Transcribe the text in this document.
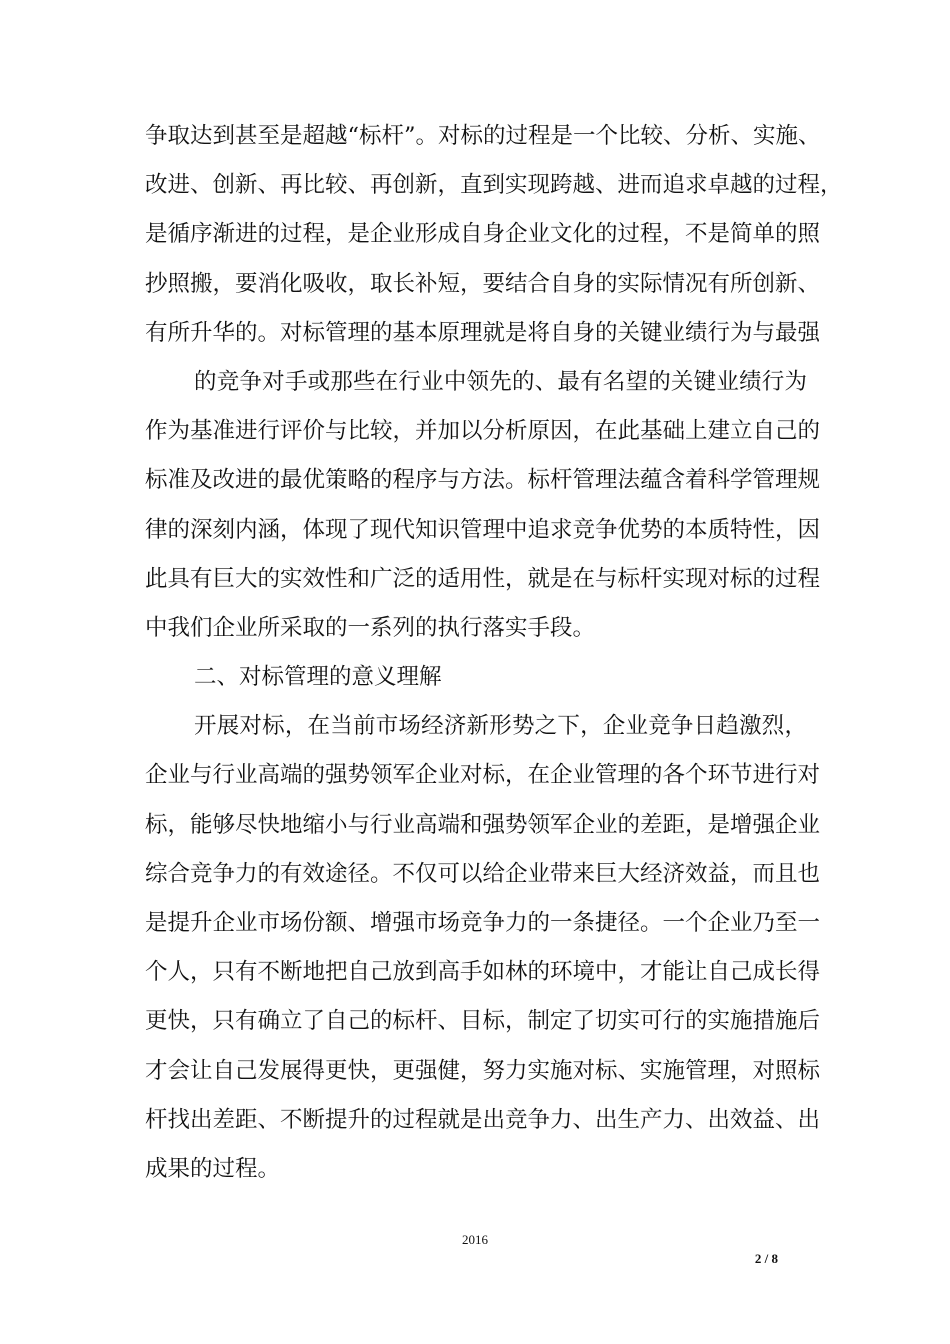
争取达到甚至是超越“标杆”。对标的过程是一个比较、分析、实施、
改进、创新、再比较、再创新，直到实现跨越、进而追求卓越的过程，
是循序渐进的过程，是企业形成自身企业文化的过程，不是简单的照
抄照搬，要消化吸收，取长补短，要结合自身的实际情况有所创新、
有所升华的。对标管理的基本原理就是将自身的关键业绩行为与最强
的竞争对手或那些在行业中领先的、最有名望的关键业绩行为
作为基准进行评价与比较，并加以分析原因，在此基础上建立自己的
标准及改进的最优策略的程序与方法。标杆管理法蕴含着科学管理规
律的深刻内涵，体现了现代知识管理中追求竞争优势的本质特性，因
此具有巨大的实效性和广泛的适用性，就是在与标杆实现对标的过程
中我们企业所采取的一系列的执行落实手段。
二、对标管理的意义理解
开展对标，在当前市场经济新形势之下，企业竞争日趋激烈，
企业与行业高端的强势领军企业对标，在企业管理的各个环节进行对
标，能够尽快地缩小与行业高端和强势领军企业的差距，是增强企业
综合竞争力的有效途径。不仅可以给企业带来巨大经济效益，而且也
是提升企业市场份额、增强市场竞争力的一条捷径。一个企业乃至一
个人，只有不断地把自己放到高手如林的环境中，才能让自己成长得
更快，只有确立了自己的标杆、目标，制定了切实可行的实施措施后
才会让自己发展得更快，更强健，努力实施对标、实施管理，对照标
杆找出差距、不断提升的过程就是出竞争力、出生产力、出效益、出
成果的过程。
2016
2 / 8
